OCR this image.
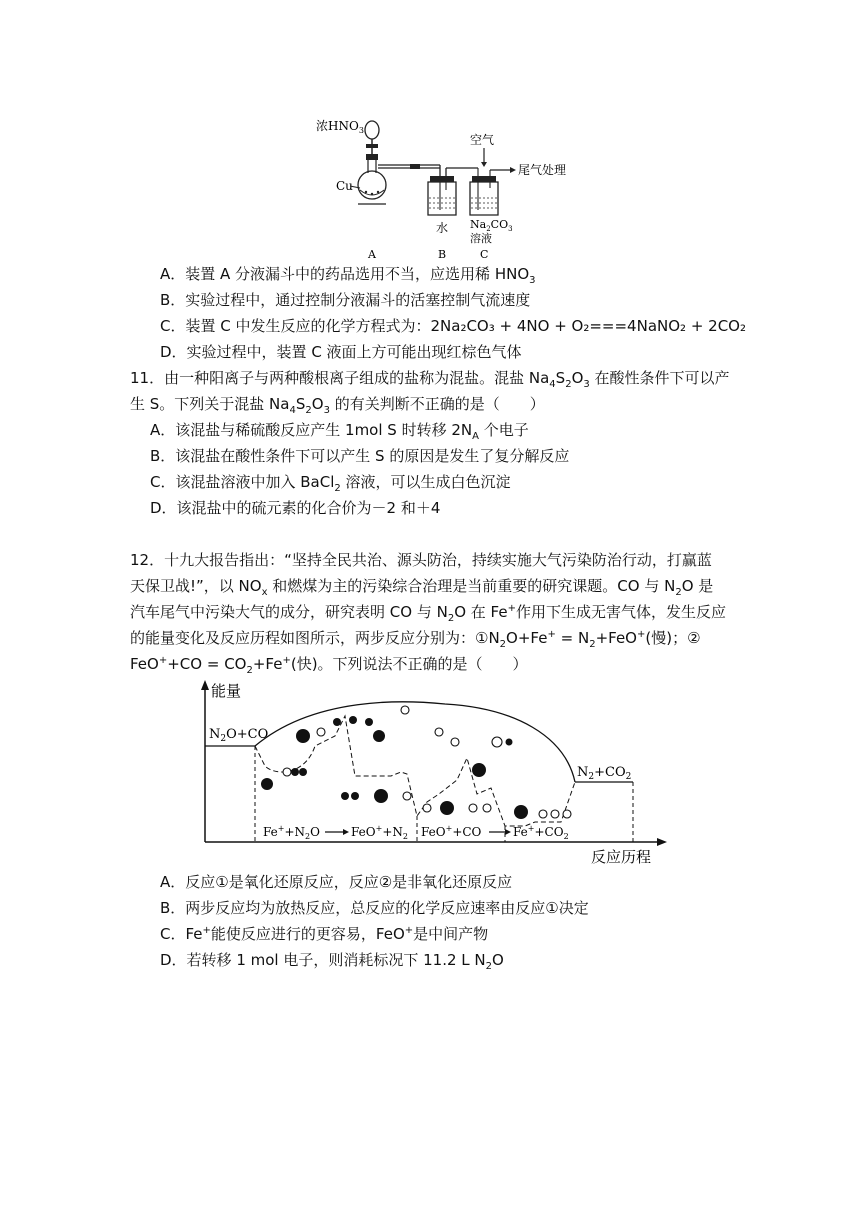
浓$HNO_3$
Cu
水
空气
尾气处理
$Na_2CO_3$
溶液
A	B	C
A．装置 A 分液漏斗中的药品选用不当，应选用稀 $HNO_3$
B．实验过程中，通过控制分液漏斗的活塞控制气流速度
C．装置 C 中发生反应的化学方程式为：2Na₂CO₃ + 4NO + O₂===4NaNO₂ + 2CO₂
D．实验过程中，装置 C 液面上方可能出现红棕色气体
11．由一种阳离子与两种酸根离子组成的盐称为混盐。混盐 $Na_4S_2O_3$ 在酸性条件下可以产
生 S。下列关于混盐 $Na_4S_2O_3$ 的有关判断不正确的是（　　）
A．该混盐与稀硫酸反应产生 1mol S 时转移 $2N_A$ 个电子
B．该混盐在酸性条件下可以产生 S 的原因是发生了复分解反应
C．该混盐溶液中加入 BaCl$_2$ 溶液，可以生成白色沉淀
D．该混盐中的硫元素的化合价为－2 和＋4
12．十九大报告指出：“坚持全民共治、源头防治，持续实施大气污染防治行动，打赢蓝
天保卫战!”，以 $NO_x$ 和燃煤为主的污染综合治理是当前重要的研究课题。CO 与 $N_2O$ 是
汽车尾气中污染大气的成分，研究表明 CO 与 $N_2O$ 在 Fe+作用下生成无害气体，发生反应
的能量变化及反应历程如图所示，两步反应分别为：$①N_2O+Fe^+ = N_2+FeO^+$(慢)；②
$FeO^++CO = CO_2+Fe^+$(快)。下列说法不正确的是（　　）
能量
反应历程
$N_2O+CO$
$N_2+CO_2$
$Fe^++N_2O$	$FeO^++N_2$ FeO++CO	$Fe^++CO_2$
A．反应①是氧化还原反应，反应②是非氧化还原反应
B．两步反应均为放热反应，总反应的化学反应速率由反应①决定
C．Fe+能使反应进行的更容易，FeO+是中间产物
D．若转移 1 mol 电子，则消耗标况下 11.2 L $N_2O$
